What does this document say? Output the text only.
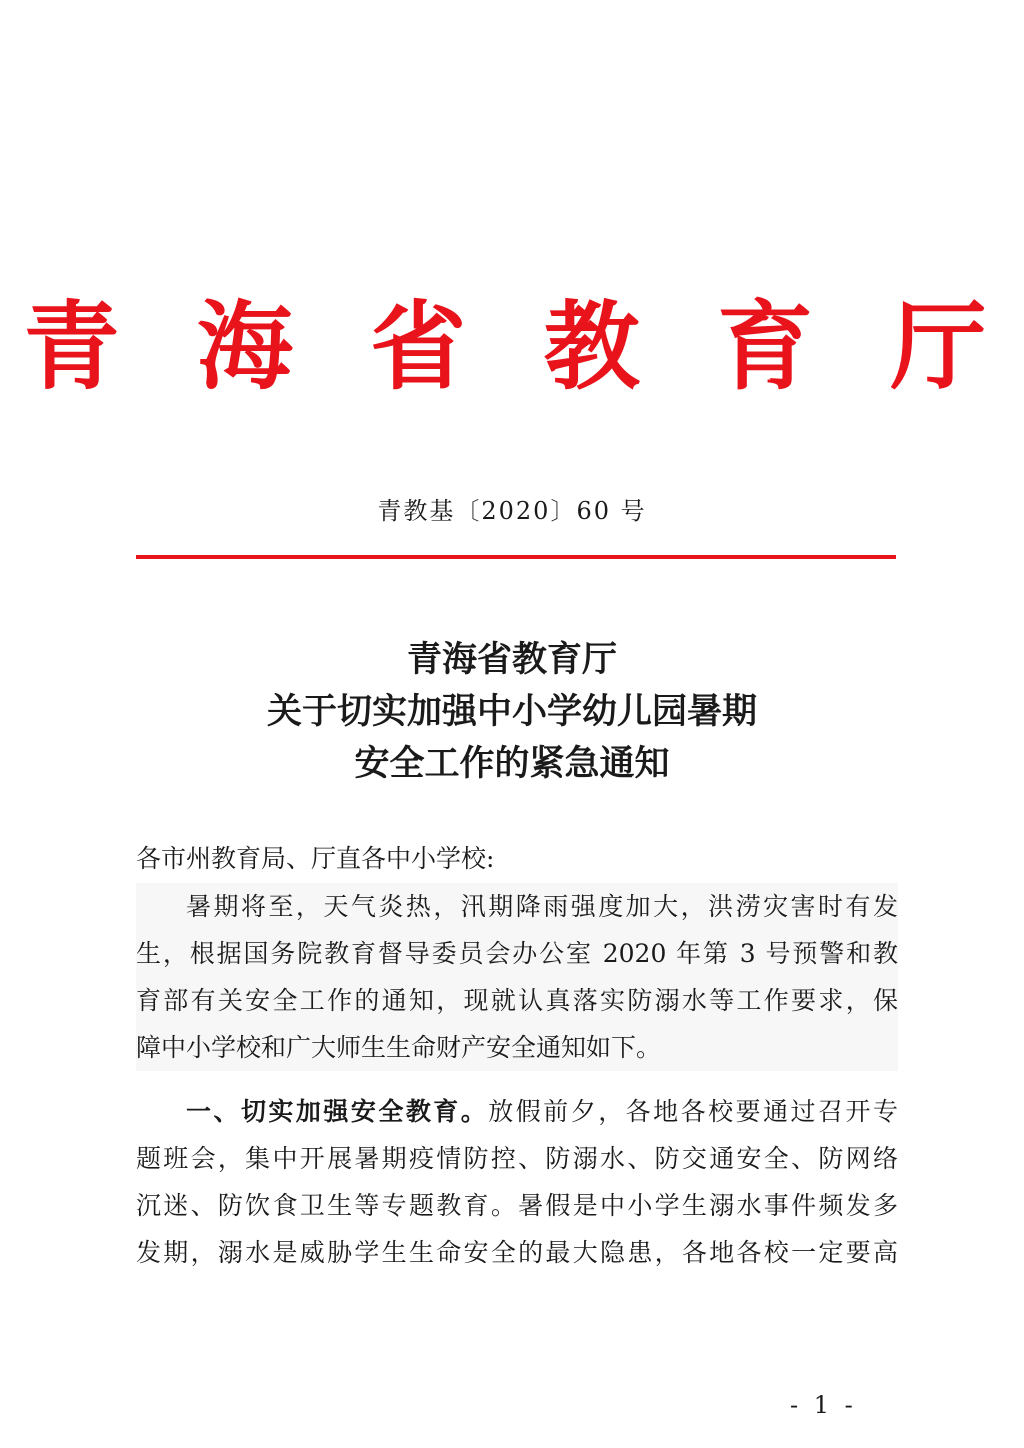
青 海 省 教 育 厅
青教基〔2020〕60 号
青海省教育厅
关于切实加强中小学幼儿园暑期
安全工作的紧急通知
各市州教育局、厅直各中小学校:
暑期将至，天气炎热，汛期降雨强度加大，洪涝灾害时有发
生，根据国务院教育督导委员会办公室 2020 年第 3 号预警和教
育部有关安全工作的通知，现就认真落实防溺水等工作要求，保
障中小学校和广大师生生命财产安全通知如下。
一、切实加强安全教育。放假前夕，各地各校要通过召开专
题班会，集中开展暑期疫情防控、防溺水、防交通安全、防网络
沉迷、防饮食卫生等专题教育。暑假是中小学生溺水事件频发多
发期，溺水是威胁学生生命安全的最大隐患，各地各校一定要高
- 1 -
